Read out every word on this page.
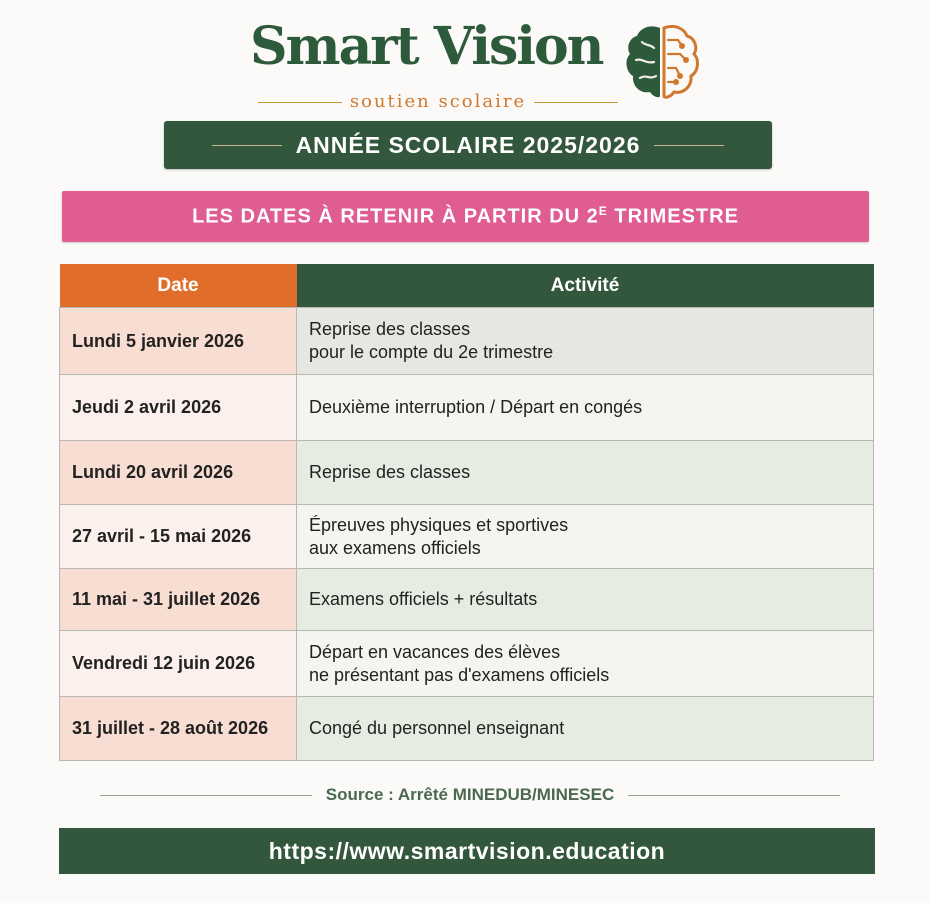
Smart Vision
soutien scolaire
ANNÉE SCOLAIRE 2025/2026
LES DATES À RETENIR À PARTIR DU $2^E$ TRIMESTRE
Date	Activité
Lundi 5 janvier 2026	Reprise des classes
pour le compte du 2e trimestre

Jeudi 2 avril 2026	Deuxième interruption / Départ en congés

Lundi 20 avril 2026	Reprise des classes

27 avril - 15 mai 2026	Épreuves physiques et sportives
aux examens officiels

11 mai - 31 juillet 2026	Examens officiels + résultats

Vendredi 12 juin 2026	Départ en vacances des élèves
ne présentant pas d'examens officiels

31 juillet - 28 août 2026	Congé du personnel enseignant
Source : Arrêté MINEDUB/MINESEC
https://www.smartvision.education
